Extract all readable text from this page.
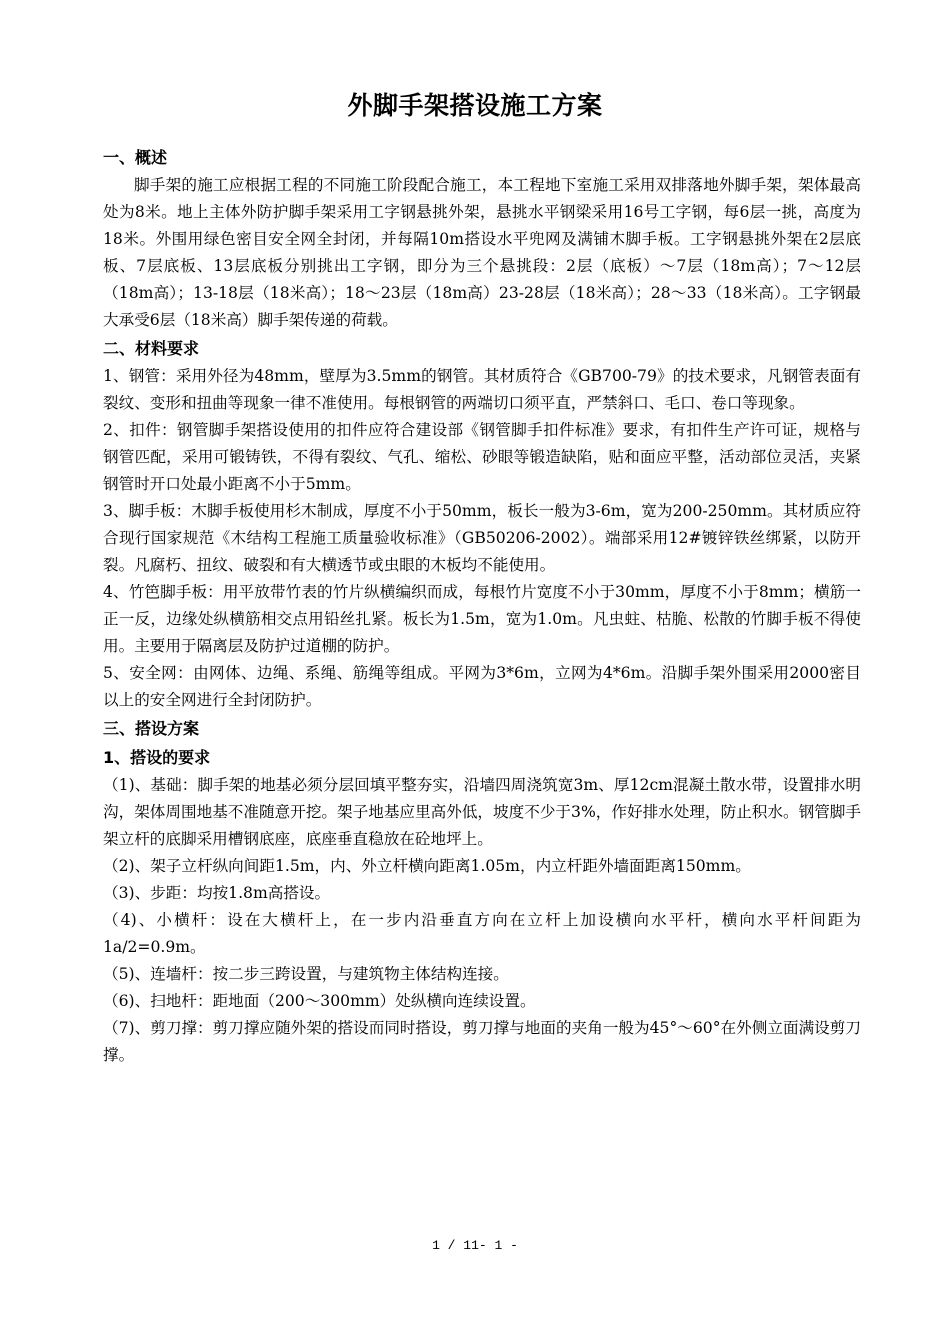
外脚手架搭设施工方案
一、概述

脚手架的施工应根据工程的不同施工阶段配合施工，本工程地下室施工采用双排落地外脚手架，架体最高处为8米。地上主体外防护脚手架采用工字钢悬挑外架，悬挑水平钢梁采用16号工字钢，每6层一挑，高度为18米。外围用绿色密目安全网全封闭，并每隔10m搭设水平兜网及满铺木脚手板。工字钢悬挑外架在2层底板、7层底板、13层底板分别挑出工字钢，即分为三个悬挑段：2层（底板）～7层（18m高）；7～12层（18m高）；13-18层（18米高）；18～23层（18m高）23-28层（18米高）；28～33（18米高）。工字钢最大承受6层（18米高）脚手架传递的荷载。

二、材料要求

1、钢管：采用外径为48mm，壁厚为3.5mm的钢管。其材质符合《GB700-79》的技术要求，凡钢管表面有裂纹、变形和扭曲等现象一律不准使用。每根钢管的两端切口须平直，严禁斜口、毛口、卷口等现象。

2、扣件：钢管脚手架搭设使用的扣件应符合建设部《钢管脚手扣件标准》要求，有扣件生产许可证，规格与钢管匹配，采用可锻铸铁，不得有裂纹、气孔、缩松、砂眼等锻造缺陷，贴和面应平整，活动部位灵活，夹紧钢管时开口处最小距离不小于5mm。

3、脚手板：木脚手板使用杉木制成，厚度不小于50mm，板长一般为3-6m，宽为200-250mm。其材质应符合现行国家规范《木结构工程施工质量验收标准》（GB50206-2002）。端部采用12#镀锌铁丝绑紧，以防开裂。凡腐朽、扭纹、破裂和有大横透节或虫眼的木板均不能使用。

4、竹笆脚手板：用平放带竹表的竹片纵横编织而成，每根竹片宽度不小于30mm，厚度不小于8mm；横筋一正一反，边缘处纵横筋相交点用铅丝扎紧。板长为1.5m，宽为1.0m。凡虫蛀、枯脆、松散的竹脚手板不得使用。主要用于隔离层及防护过道棚的防护。

5、安全网：由网体、边绳、系绳、筋绳等组成。平网为3*6m，立网为4*6m。沿脚手架外围采用2000密目以上的安全网进行全封闭防护。

三、搭设方案
1、搭设的要求

（1)、基础：脚手架的地基必须分层回填平整夯实，沿墙四周浇筑宽3m、厚12cm混凝土散水带，设置排水明沟，架体周围地基不准随意开挖。架子地基应里高外低，坡度不少于3%，作好排水处理，防止积水。钢管脚手架立杆的底脚采用槽钢底座，底座垂直稳放在砼地坪上。

（2)、架子立杆纵向间距1.5m，内、外立杆横向距离1.05m，内立杆距外墙面距离150mm。

（3)、步距：均按1.8m高搭设。

（4)、小横杆：设在大横杆上，在一步内沿垂直方向在立杆上加设横向水平杆，横向水平杆间距为1a/2=0.9m。

（5)、连墙杆：按二步三跨设置，与建筑物主体结构连接。

（6)、扫地杆：距地面（200～300mm）处纵横向连续设置。

（7)、剪刀撑：剪刀撑应随外架的搭设而同时搭设，剪刀撑与地面的夹角一般为45°～60°在外侧立面满设剪刀撑。

1 / 11- 1 -
